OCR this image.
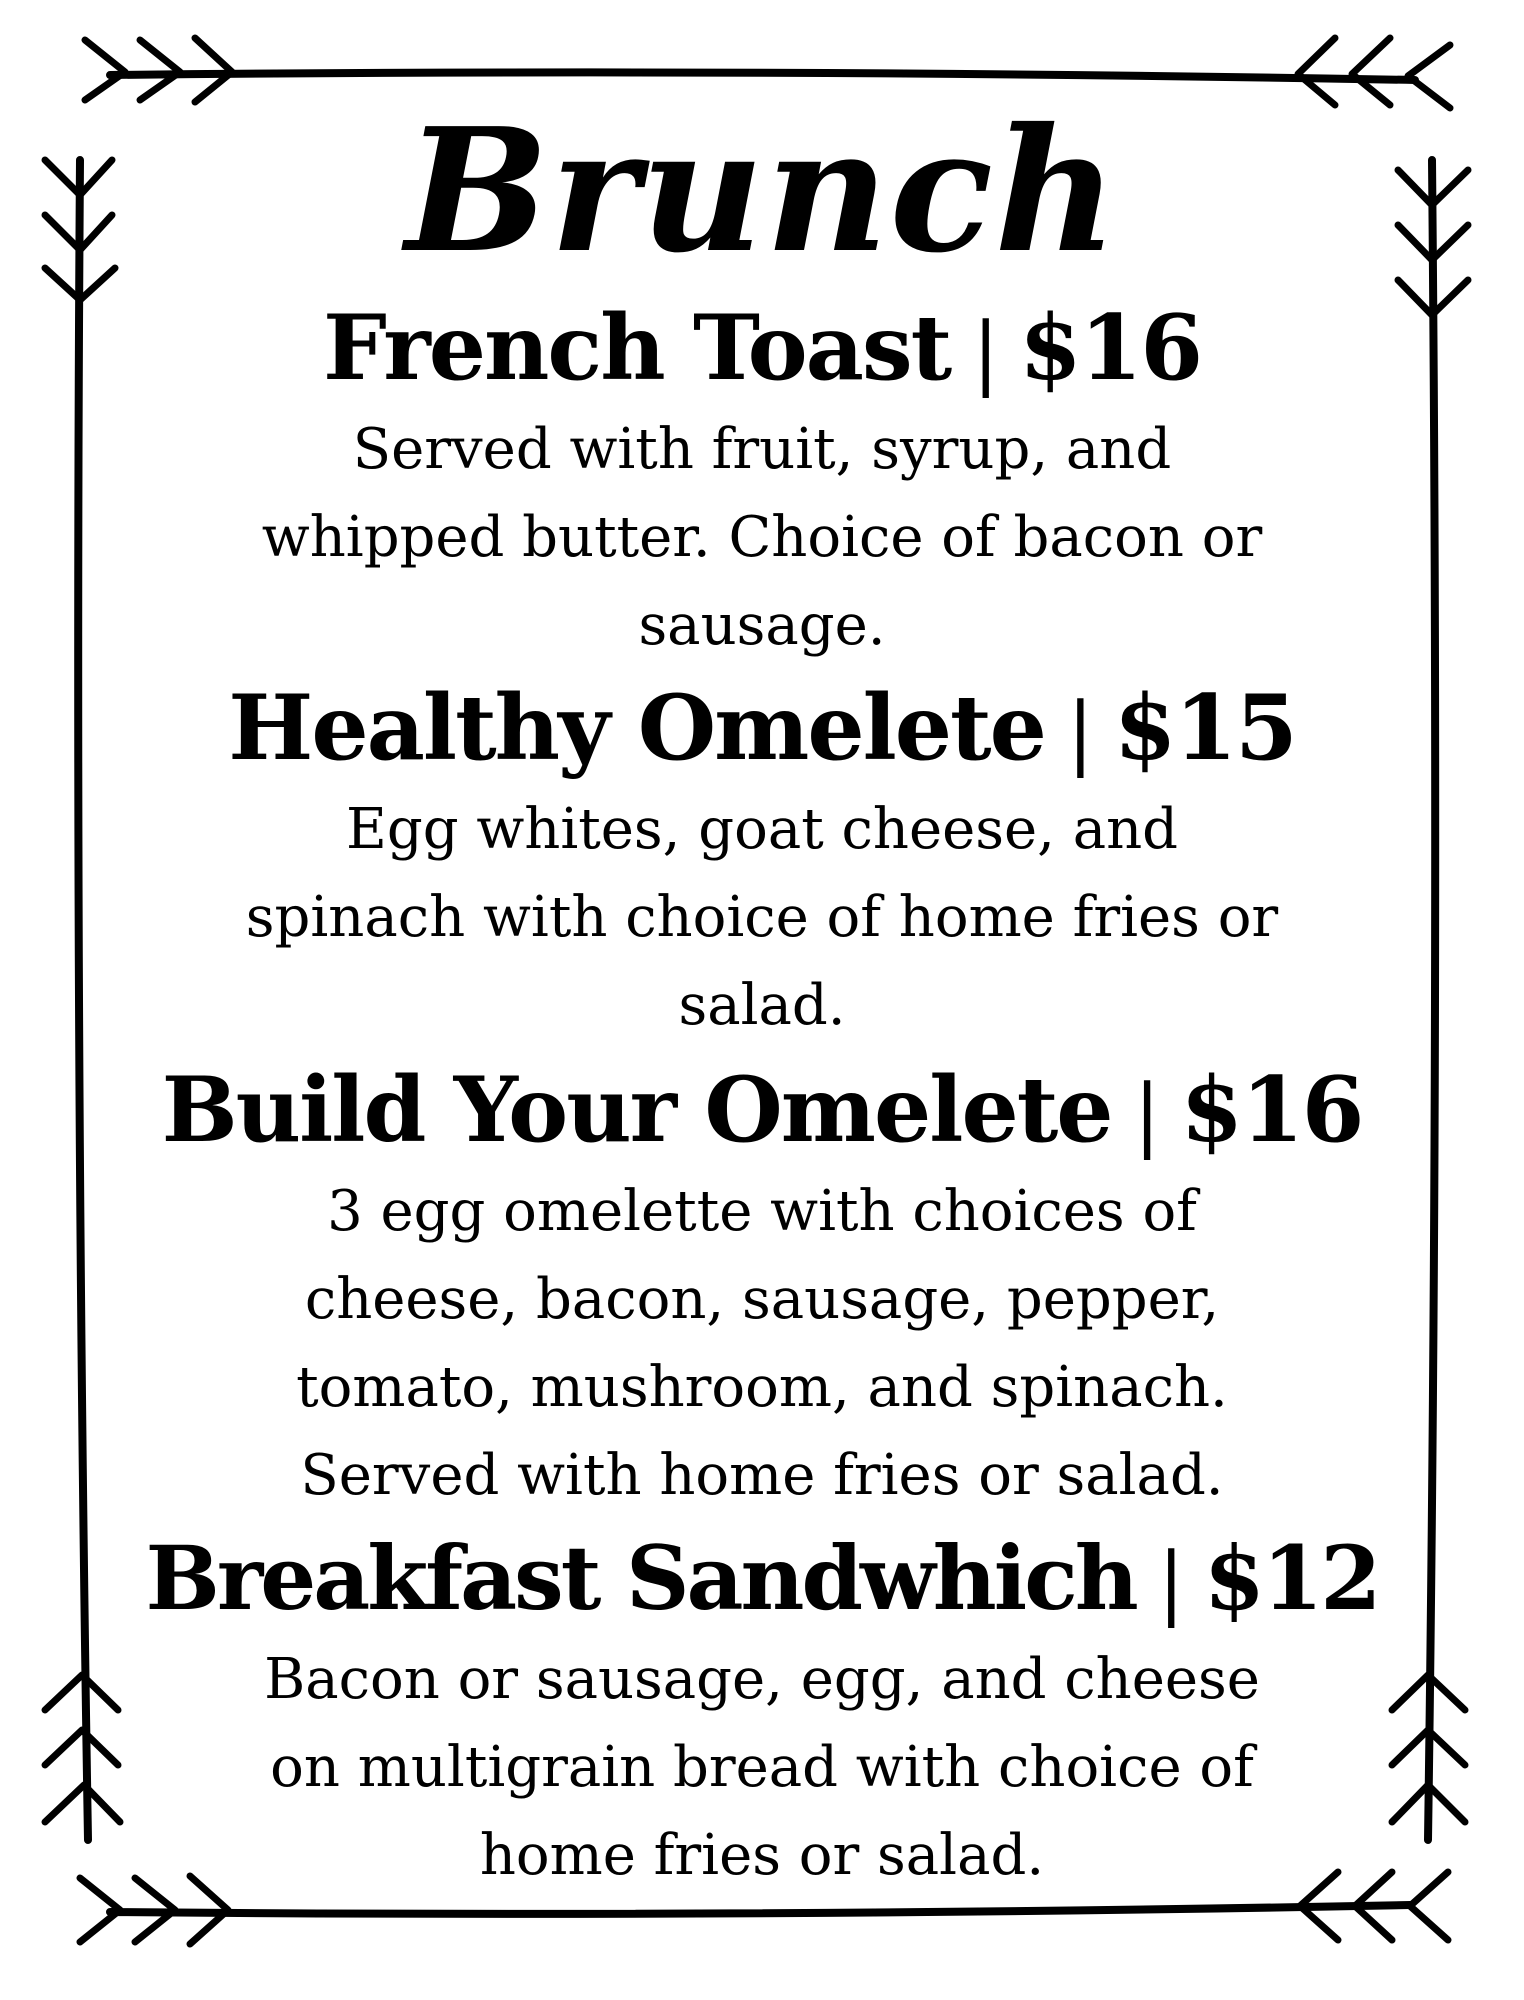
Brunch
French Toast | $16
Served with fruit, syrup, and
whipped butter. Choice of bacon or
sausage.
Healthy Omelete | $15
Egg whites, goat cheese, and
spinach with choice of home fries or
salad.
Build Your Omelete | $16
3 egg omelette with choices of
cheese, bacon, sausage, pepper,
tomato, mushroom, and spinach.
Served with home fries or salad.
Breakfast Sandwhich | $12
Bacon or sausage, egg, and cheese
on multigrain bread with choice of
home fries or salad.
